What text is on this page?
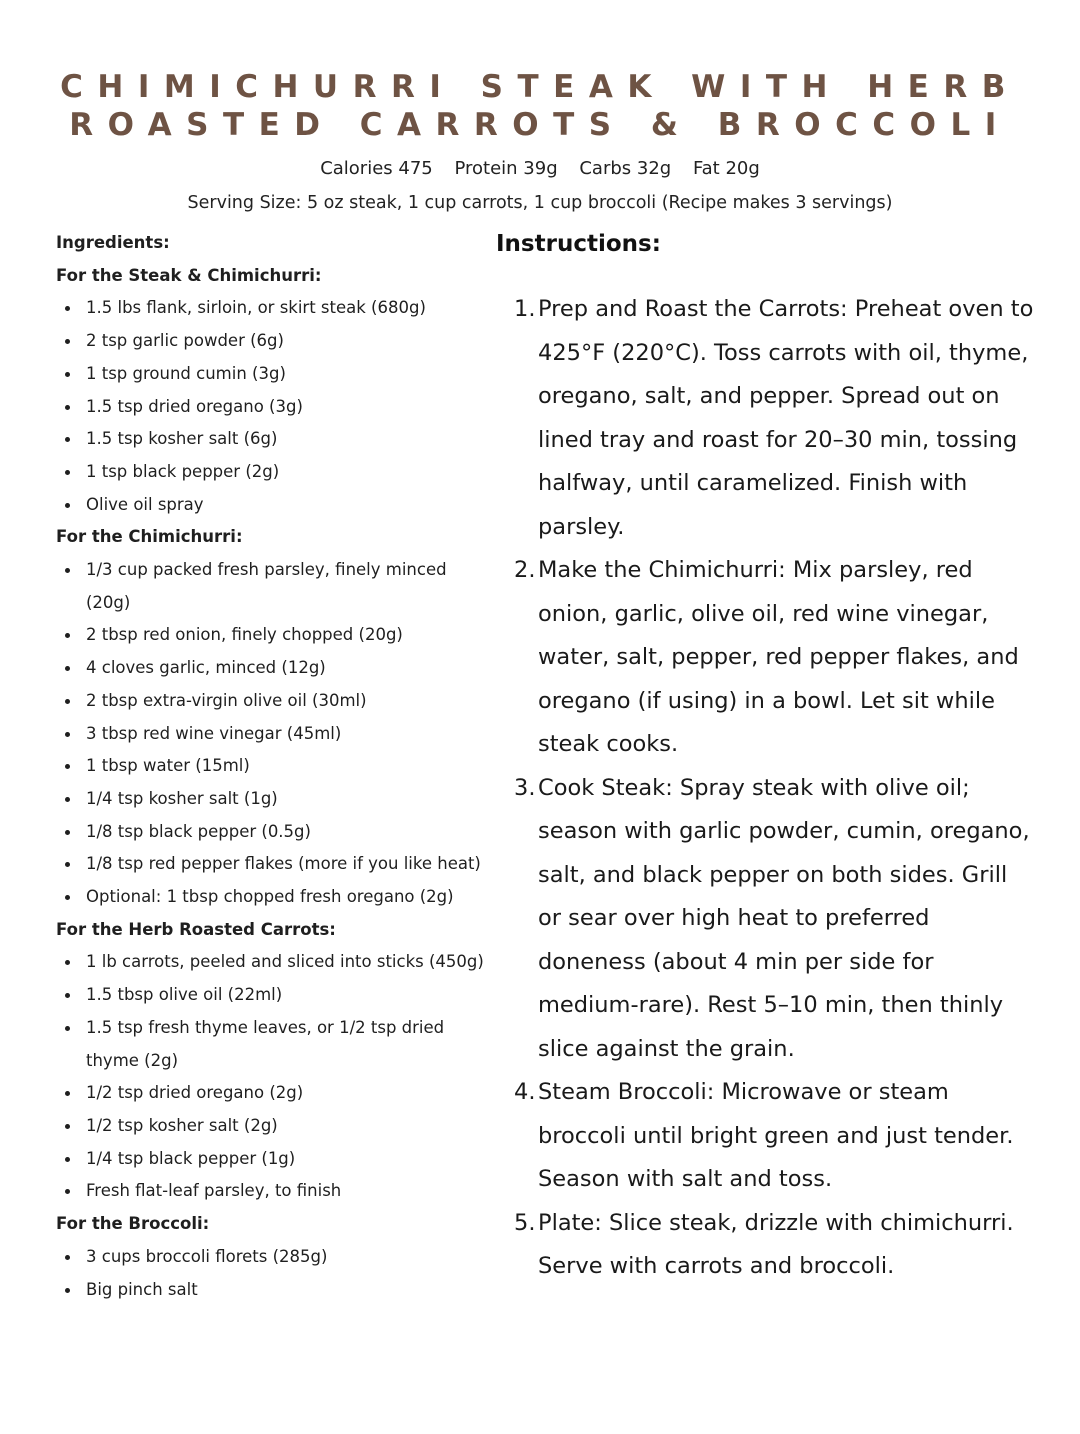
CHIMICHURRI STEAK WITH HERB
ROASTED CARROTS & BROCCOLI
Calories 475 Protein 39g Carbs 32g Fat 20g
Serving Size: 5 oz steak, 1 cup carrots, 1 cup broccoli (Recipe makes 3 servings)
Ingredients:
For the Steak & Chimichurri:
1.5 lbs flank, sirloin, or skirt steak (680g)
2 tsp garlic powder (6g)
1 tsp ground cumin (3g)
1.5 tsp dried oregano (3g)
1.5 tsp kosher salt (6g)
1 tsp black pepper (2g)
Olive oil spray
For the Chimichurri:
1/3 cup packed fresh parsley, finely minced (20g)
2 tbsp red onion, finely chopped (20g)
4 cloves garlic, minced (12g)
2 tbsp extra-virgin olive oil (30ml)
3 tbsp red wine vinegar (45ml)
1 tbsp water (15ml)
1/4 tsp kosher salt (1g)
1/8 tsp black pepper (0.5g)
1/8 tsp red pepper flakes (more if you like heat)
Optional: 1 tbsp chopped fresh oregano (2g)
For the Herb Roasted Carrots:
1 lb carrots, peeled and sliced into sticks (450g)
1.5 tbsp olive oil (22ml)
1.5 tsp fresh thyme leaves, or 1/2 tsp dried thyme (2g)
1/2 tsp dried oregano (2g)
1/2 tsp kosher salt (2g)
1/4 tsp black pepper (1g)
Fresh flat-leaf parsley, to finish
For the Broccoli:
3 cups broccoli florets (285g)
Big pinch salt
Instructions:
1. Prep and Roast the Carrots: Preheat oven to 425°F (220°C). Toss carrots with oil, thyme, oregano, salt, and pepper. Spread out on lined tray and roast for 20–30 min, tossing halfway, until caramelized. Finish with parsley.
2. Make the Chimichurri: Mix parsley, red onion, garlic, olive oil, red wine vinegar, water, salt, pepper, red pepper flakes, and oregano (if using) in a bowl. Let sit while steak cooks.
3. Cook Steak: Spray steak with olive oil; season with garlic powder, cumin, oregano, salt, and black pepper on both sides. Grill or sear over high heat to preferred doneness (about 4 min per side for medium-rare). Rest 5–10 min, then thinly slice against the grain.
4. Steam Broccoli: Microwave or steam broccoli until bright green and just tender. Season with salt and toss.
5. Plate: Slice steak, drizzle with chimichurri. Serve with carrots and broccoli.
